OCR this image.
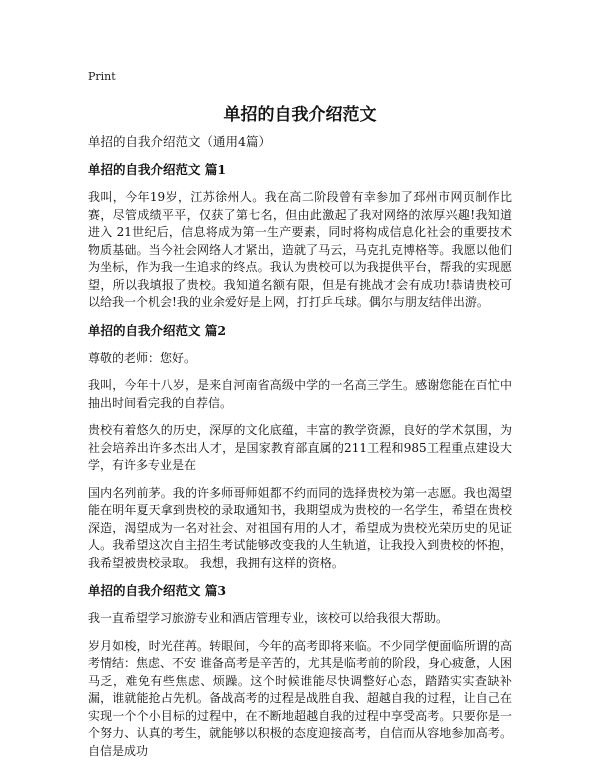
Print
单招的自我介绍范文
单招的自我介绍范文（通用4篇）
单招的自我介绍范文 篇1

我叫，今年19岁，江苏徐州人。我在高二阶段曾有幸参加了邳州市网页制作比赛，尽管成绩平平，仅获了第七名，但由此激起了我对网络的浓厚兴趣!我知道进入 21世纪后，信息将成为第一生产要素，同时将构成信息化社会的重要技术物质基础。当今社会网络人才紧出，造就了马云，马克扎克博格等。我愿以他们为坐标，作为我一生追求的终点。我认为贵校可以为我提供平台，帮我的实现愿望，所以我填报了贵校。我知道名额有限，但是有挑战才会有成功!恭请贵校可以给我一个机会!我的业余爱好是上网，打打乒乓球。偶尔与朋友结伴出游。

单招的自我介绍范文 篇2

尊敬的老师：您好。

我叫，今年十八岁，是来自河南省高级中学的一名高三学生。感谢您能在百忙中抽出时间看完我的自荐信。

贵校有着悠久的历史，深厚的文化底蕴，丰富的教学资源，良好的学术氛围，为社会培养出许多杰出人才，是国家教育部直属的211工程和985工程重点建设大学，有许多专业是在

国内名列前茅。我的许多师哥师姐都不约而同的选择贵校为第一志愿。我也渴望能在明年夏天拿到贵校的录取通知书，我期望成为贵校的一名学生，希望在贵校深造，渴望成为一名对社会、对祖国有用的人才，希望成为贵校光荣历史的见证人。我希望这次自主招生考试能够改变我的人生轨道，让我投入到贵校的怀抱，我希望被贵校录取。 我想，我拥有这样的资格。

单招的自我介绍范文 篇3

我一直希望学习旅游专业和酒店管理专业，该校可以给我很大帮助。

岁月如梭，时光荏苒。转眼间，今年的高考即将来临。不少同学便面临所谓的高考情结：焦虑、不安 谁备高考是辛苦的，尤其是临考前的阶段，身心疲惫，人困马乏，难免有些焦虑、烦躁。这个时候谁能尽快调整好心态，踏踏实实查缺补漏，谁就能抢占先机。备战高考的过程是战胜自我、超越自我的过程，让自己在实现一个个小目标的过程中，在不断地超越自我的过程中享受高考。只要你是一个努力、认真的考生，就能够以积极的态度迎接高考，自信而从容地参加高考。 自信是成功
